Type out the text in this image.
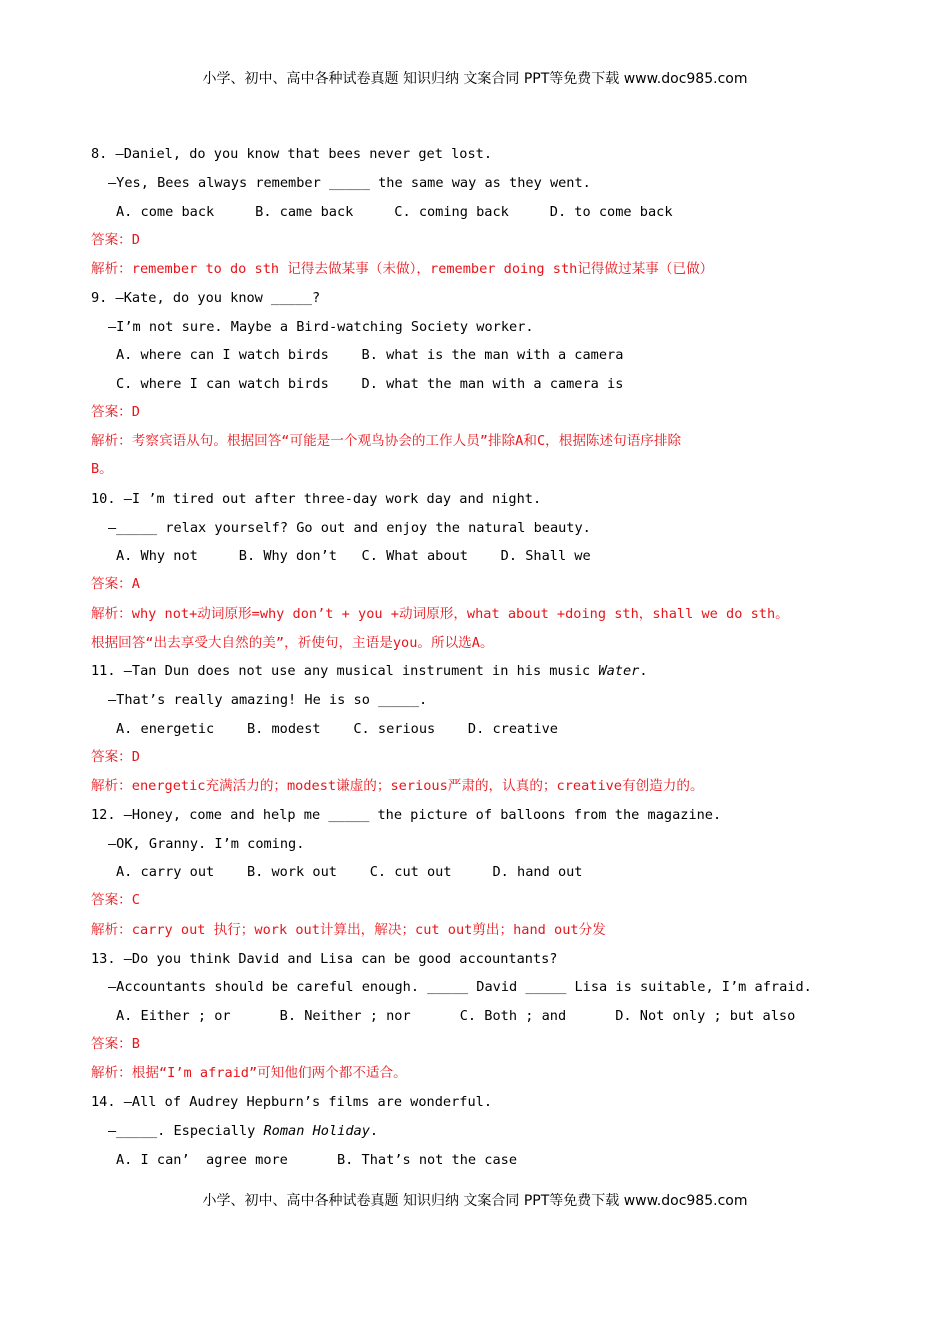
小学、初中、高中各种试卷真题 知识归纳 文案合同 PPT等免费下载 www.doc985.com
8. —Daniel, do you know that bees never get lost.
—Yes, Bees always remember _____ the same way as they went.
A. come back     B. came back     C. coming back     D. to come back
答案：D
解析：remember to do sth 记得去做某事（未做），remember doing sth记得做过某事（已做）
9. —Kate, do you know _____?
—I’m not sure. Maybe a Bird-watching Society worker.
A. where can I watch birds    B. what is the man with a camera
C. where I can watch birds    D. what the man with a camera is
答案：D
解析：考察宾语从句。根据回答“可能是一个观鸟协会的工作人员”排除A和C，根据陈述句语序排除
B。
10. —I ’m tired out after three-day work day and night.
—_____ relax yourself? Go out and enjoy the natural beauty.
A. Why not     B. Why don’t   C. What about    D. Shall we
答案：A
解析：why not+动词原形=why don’t + you +动词原形，what about +doing sth，shall we do sth。
根据回答“出去享受大自然的美”，祈使句，主语是you。所以选A。
11. —Tan Dun does not use any musical instrument in his music Water.
—That’s really amazing! He is so _____.
A. energetic    B. modest    C. serious    D. creative
答案：D
解析：energetic充满活力的；modest谦虚的；serious严肃的，认真的；creative有创造力的。
12. —Honey, come and help me _____ the picture of balloons from the magazine.
—OK, Granny. I’m coming.
A. carry out    B. work out    C. cut out     D. hand out
答案：C
解析：carry out 执行；work out计算出，解决；cut out剪出；hand out分发
13. —Do you think David and Lisa can be good accountants?
—Accountants should be careful enough. _____ David _____ Lisa is suitable, I’m afraid.
A. Either ; or      B. Neither ; nor      C. Both ; and      D. Not only ; but also
答案：B
解析：根据“I’m afraid”可知他们两个都不适合。
14. —All of Audrey Hepburn’s films are wonderful.
—_____. Especially Roman Holiday.
A. I can’  agree more      B. That’s not the case
小学、初中、高中各种试卷真题 知识归纳 文案合同 PPT等免费下载 www.doc985.com
